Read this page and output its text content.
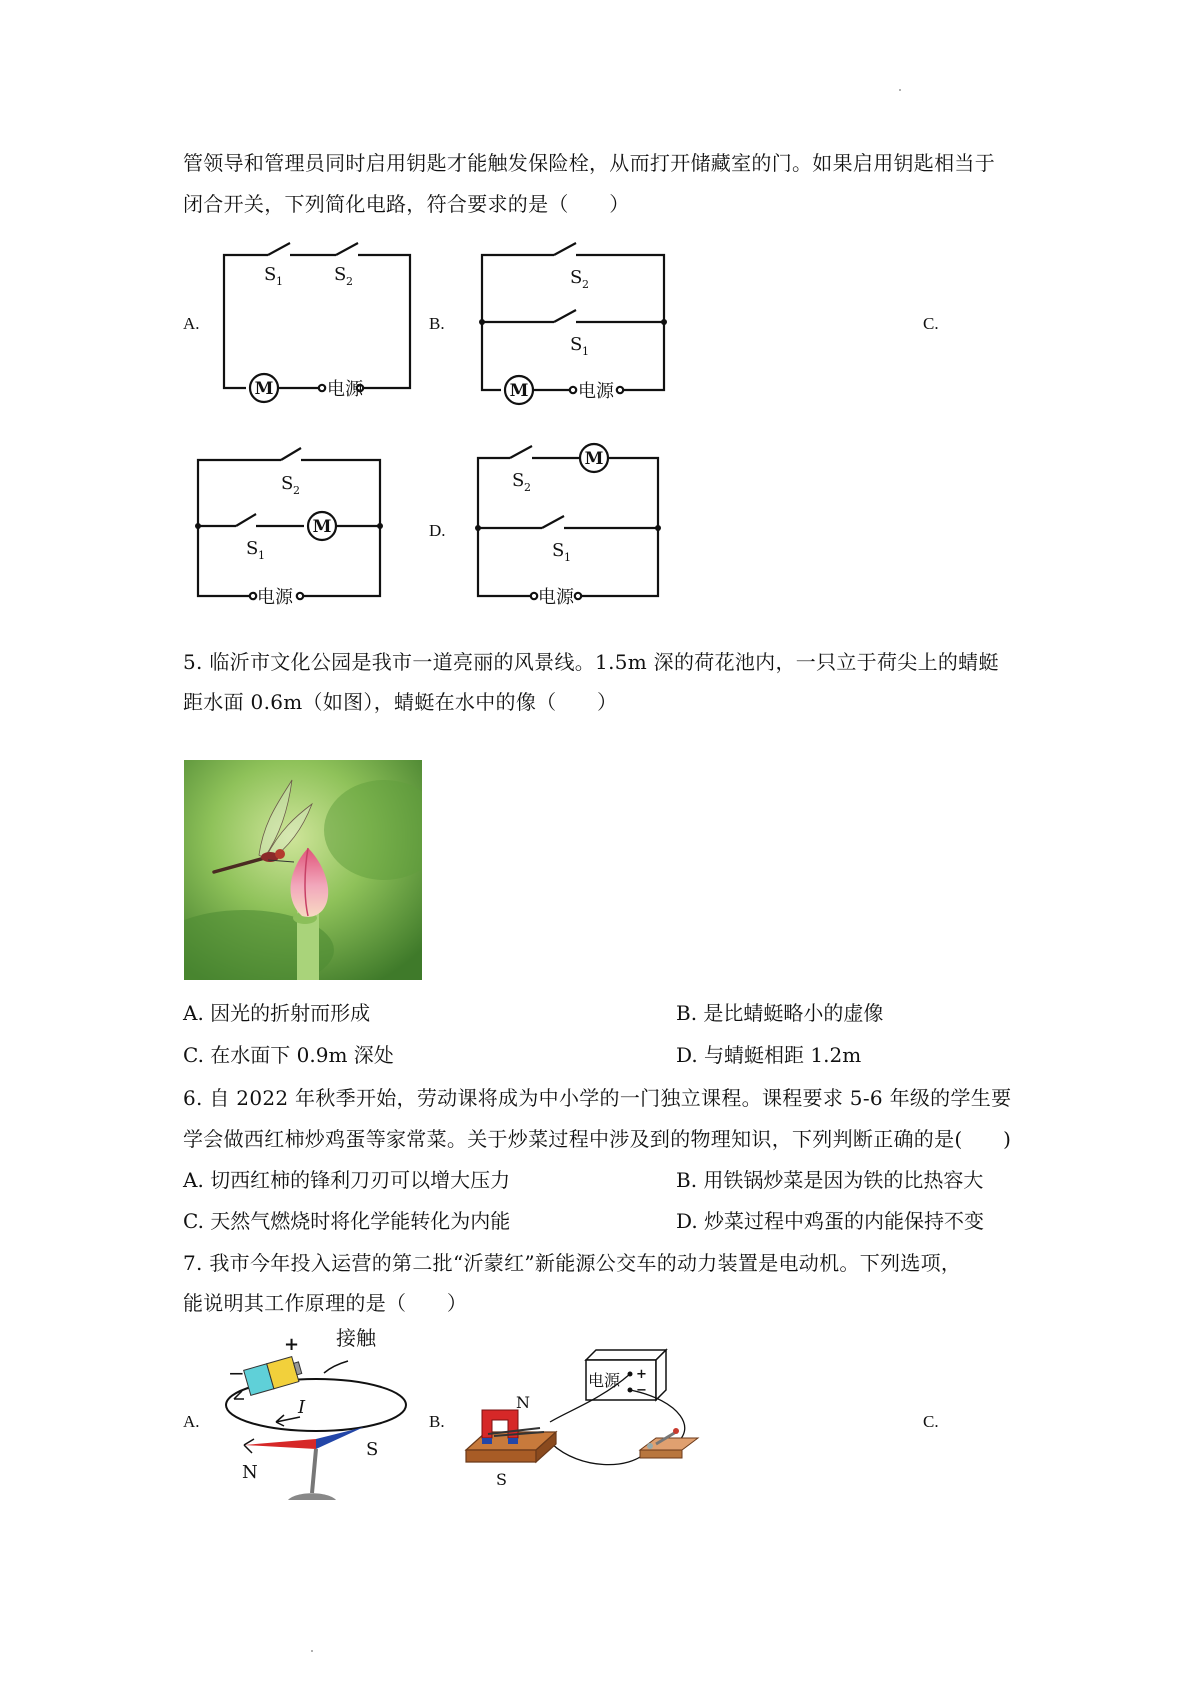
管领导和管理员同时启用钥匙才能触发保险栓，从而打开储藏室的门。如果启用钥匙相当于
闭合开关，下列简化电路，符合要求的是（　　）
A.
M
S 1	S 2
电源
B.
M
S 2
S 1
电源
C.
M
S 2
S 1
电源
D.
M
S 2
S 1
电源
5. 临沂市文化公园是我市一道亮丽的风景线。1.5m 深的荷花池内，一只立于荷尖上的蜻蜓
距水面 0.6m（如图），蜻蜓在水中的像（　　）
A. 因光的折射而形成	B. 是比蜻蜓略小的虚像
C. 在水面下 0.9m 深处	D. 与蜻蜓相距 1.2m
6. 自 2022 年秋季开始，劳动课将成为中小学的一门独立课程。课程要求 5-6 年级的学生要
学会做西红柿炒鸡蛋等家常菜。关于炒菜过程中涉及到的物理知识，下列判断正确的是(　　)
A. 切西红柿的锋利刀刃可以增大压力	B. 用铁锅炒菜是因为铁的比热容大
C. 天然气燃烧时将化学能转化为内能	D. 炒菜过程中鸡蛋的内能保持不变
7. 我市今年投入运营的第二批“沂蒙红”新能源公交车的动力装置是电动机。下列选项，
能说明其工作原理的是（　　）
A.
+
−
接触
I
N
S
B.
电源 +
−
N
S
C.
